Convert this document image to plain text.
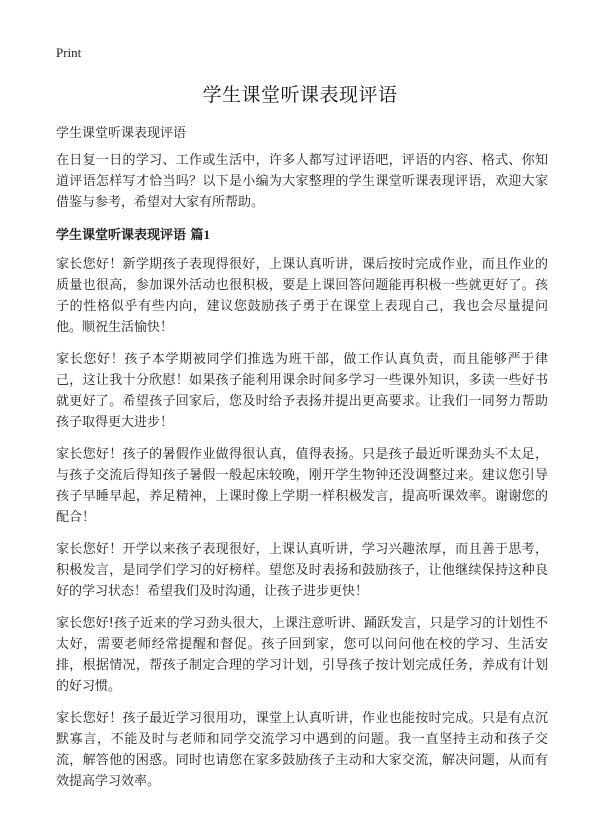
Print
学生课堂听课表现评语

学生课堂听课表现评语

在日复一日的学习、工作或生活中，许多人都写过评语吧，评语的内容、格式、你知道评语怎样写才恰当吗？以下是小编为大家整理的学生课堂听课表现评语，欢迎大家借鉴与参考，希望对大家有所帮助。

学生课堂听课表现评语 篇1

家长您好！新学期孩子表现得很好，上课认真听讲，课后按时完成作业，而且作业的质量也很高，参加课外活动也很积极，要是上课回答问题能再积极一些就更好了。孩子的性格似乎有些内向，建议您鼓励孩子勇于在课堂上表现自己，我也会尽量提问他。顺祝生活愉快！

家长您好！孩子本学期被同学们推选为班干部，做工作认真负责，而且能够严于律己，这让我十分欣慰！如果孩子能利用课余时间多学习一些课外知识，多读一些好书就更好了。希望孩子回家后，您及时给予表扬并提出更高要求。让我们一同努力帮助孩子取得更大进步！

家长您好！孩子的暑假作业做得很认真，值得表扬。只是孩子最近听课劲头不太足，与孩子交流后得知孩子暑假一般起床较晚，刚开学生物钟还没调整过来。建议您引导孩子早睡早起，养足精神，上课时像上学期一样积极发言，提高听课效率。谢谢您的配合！

家长您好！开学以来孩子表现很好，上课认真听讲，学习兴趣浓厚，而且善于思考，积极发言，是同学们学习的好榜样。望您及时表扬和鼓励孩子，让他继续保持这种良好的学习状态！希望我们及时沟通，让孩子进步更快！

家长您好!孩子近来的学习劲头很大，上课注意听讲、踊跃发言，只是学习的计划性不太好，需要老师经常提醒和督促。孩子回到家，您可以问问他在校的学习、生活安排，根据情况，帮孩子制定合理的学习计划，引导孩子按计划完成任务，养成有计划的好习惯。

家长您好！孩子最近学习很用功，课堂上认真听讲，作业也能按时完成。只是有点沉默寡言，不能及时与老师和同学交流学习中遇到的问题。我一直坚持主动和孩子交流，解答他的困惑。同时也请您在家多鼓励孩子主动和大家交流，解决问题，从而有效提高学习效率。
